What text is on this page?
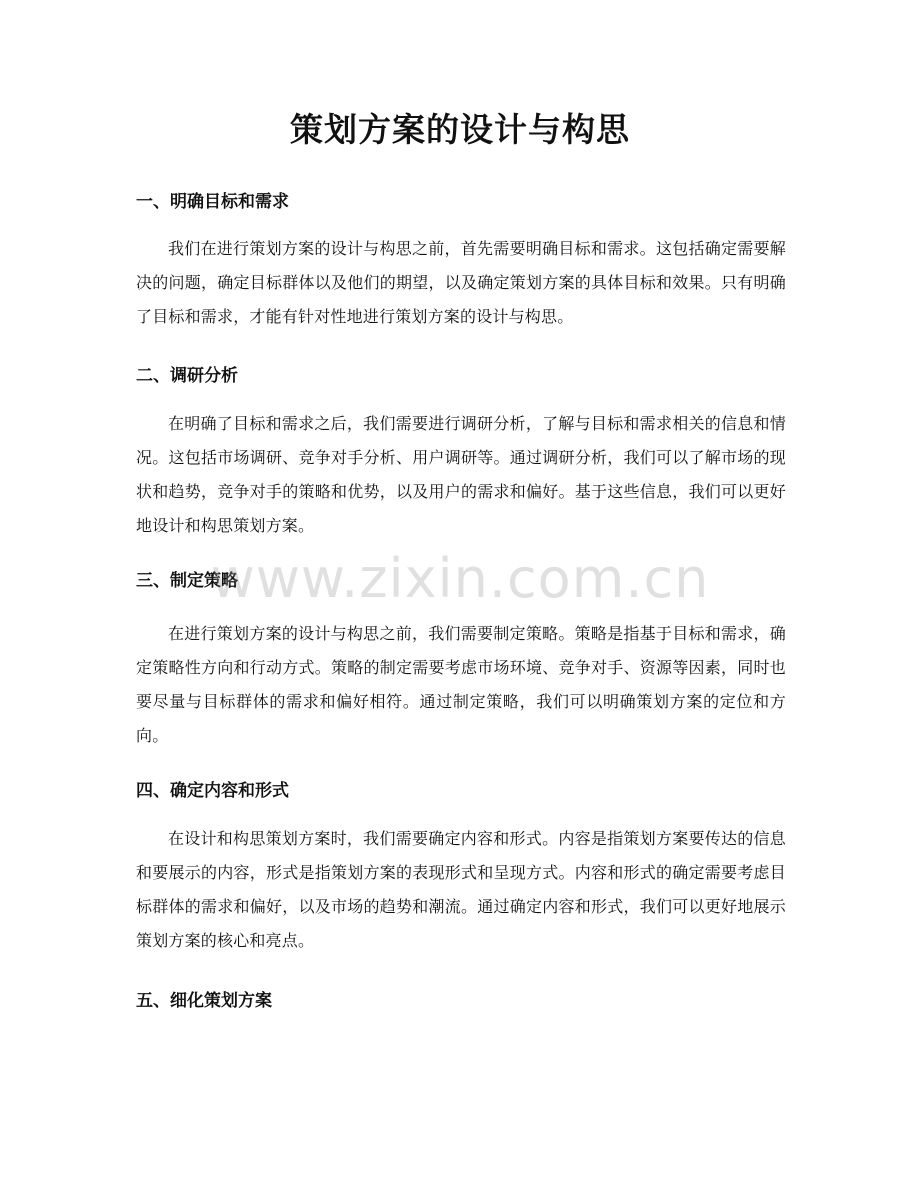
策划方案的设计与构思
一、明确目标和需求

我们在进行策划方案的设计与构思之前，首先需要明确目标和需求。这包括确定需要解决的问题，确定目标群体以及他们的期望，以及确定策划方案的具体目标和效果。只有明确了目标和需求，才能有针对性地进行策划方案的设计与构思。

二、调研分析

在明确了目标和需求之后，我们需要进行调研分析，了解与目标和需求相关的信息和情况。这包括市场调研、竞争对手分析、用户调研等。通过调研分析，我们可以了解市场的现状和趋势，竞争对手的策略和优势，以及用户的需求和偏好。基于这些信息，我们可以更好地设计和构思策划方案。

三、制定策略

在进行策划方案的设计与构思之前，我们需要制定策略。策略是指基于目标和需求，确定策略性方向和行动方式。策略的制定需要考虑市场环境、竞争对手、资源等因素，同时也要尽量与目标群体的需求和偏好相符。通过制定策略，我们可以明确策划方案的定位和方向。

四、确定内容和形式

在设计和构思策划方案时，我们需要确定内容和形式。内容是指策划方案要传达的信息和要展示的内容，形式是指策划方案的表现形式和呈现方式。内容和形式的确定需要考虑目标群体的需求和偏好，以及市场的趋势和潮流。通过确定内容和形式，我们可以更好地展示策划方案的核心和亮点。

五、细化策划方案
www.zixin.com.cn
